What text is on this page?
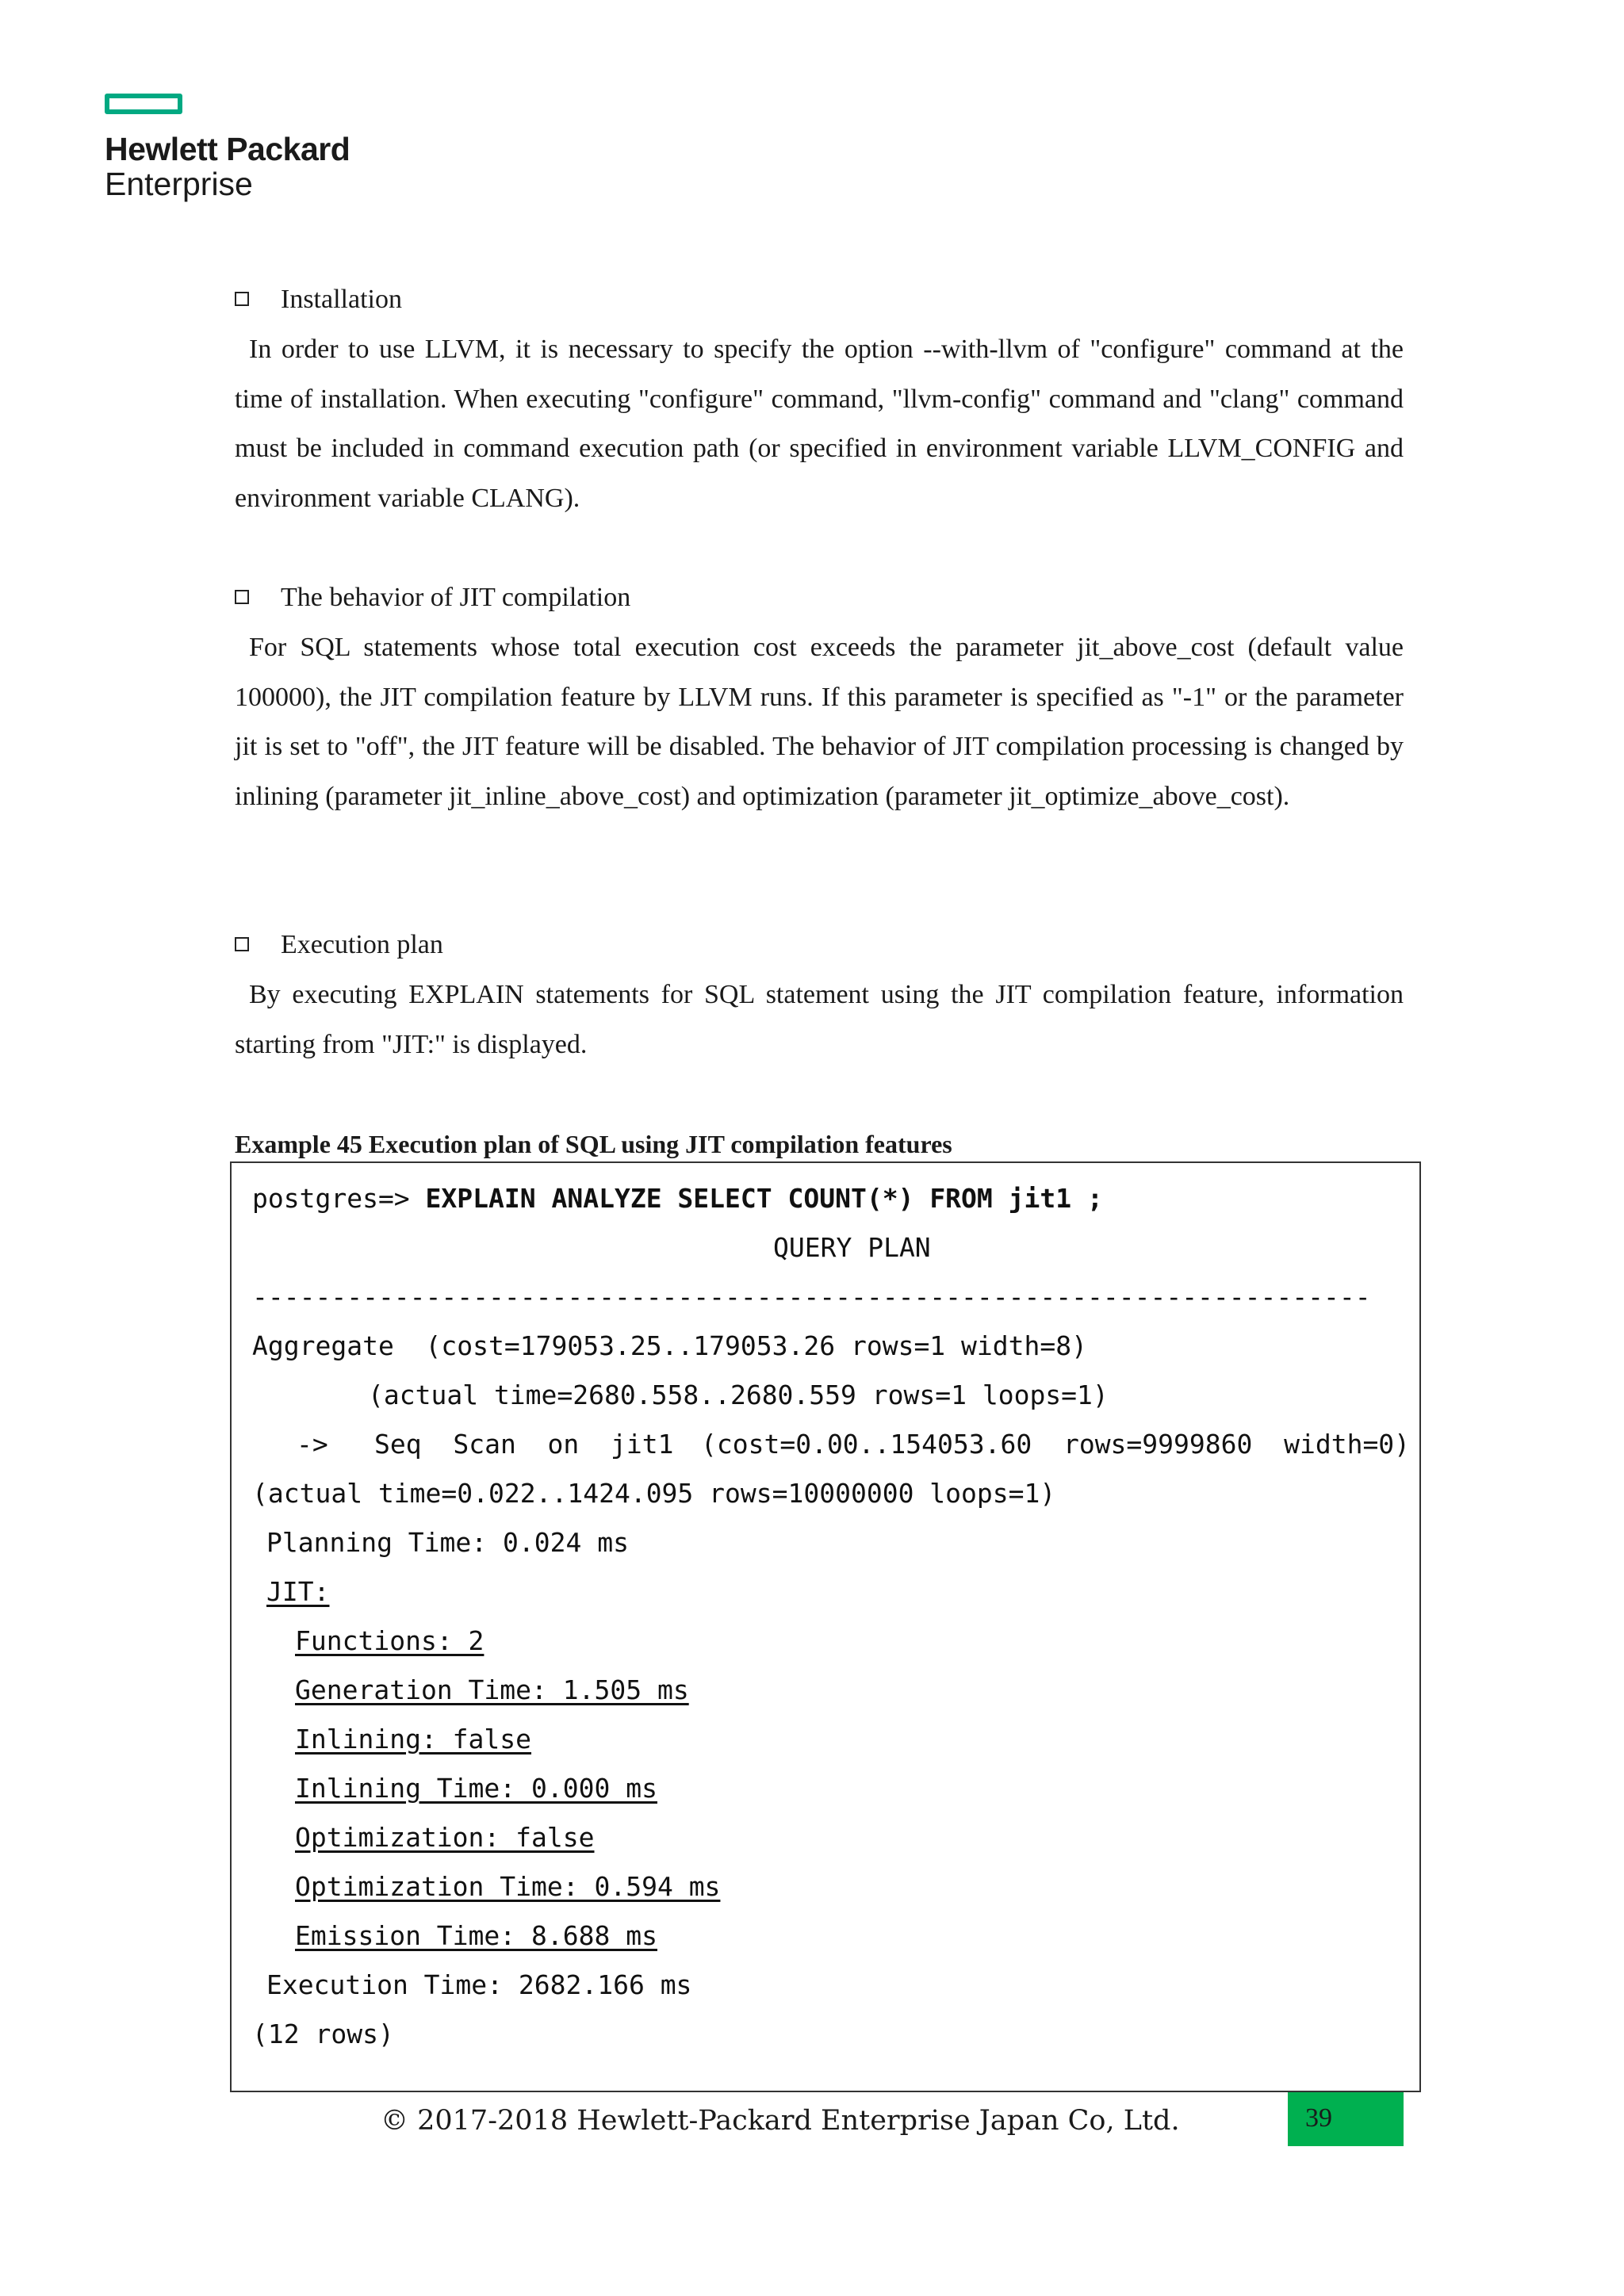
Hewlett Packard
Enterprise
Installation
In order to use LLVM, it is necessary to specify the option --with-llvm of "configure" command at the time of installation. When executing "configure" command, "llvm-config" command and "clang" command must be included in command execution path (or specified in environment variable LLVM_CONFIG and environment variable CLANG).
The behavior of JIT compilation
For SQL statements whose total execution cost exceeds the parameter jit_above_cost (default value 100000), the JIT compilation feature by LLVM runs. If this parameter is specified as "-1" or the parameter jit is set to "off", the JIT feature will be disabled. The behavior of JIT compilation processing is changed by inlining (parameter jit_inline_above_cost) and optimization (parameter jit_optimize_above_cost).
Execution plan
By executing EXPLAIN statements for SQL statement using the JIT compilation feature, information starting from "JIT:" is displayed.
Example 45 Execution plan of SQL using JIT compilation features
postgres=> EXPLAIN ANALYZE SELECT COUNT(*) FROM jit1 ;
QUERY PLAN
-----------------------------------------------------------------------
Aggregate  (cost=179053.25..179053.26 rows=1 width=8)
(actual time=2680.558..2680.559 rows=1 loops=1)
-> Seq  Scan  on  jit1 (cost=0.00..154053.60  rows=9999860  width=0)
(actual time=0.022..1424.095 rows=10000000 loops=1)
Planning Time: 0.024 ms
JIT:
Functions: 2
Generation Time: 1.505 ms
Inlining: false
Inlining Time: 0.000 ms
Optimization: false
Optimization Time: 0.594 ms
Emission Time: 8.688 ms
Execution Time: 2682.166 ms
(12 rows)
© 2017-2018 Hewlett-Packard Enterprise Japan Co, Ltd.	39
